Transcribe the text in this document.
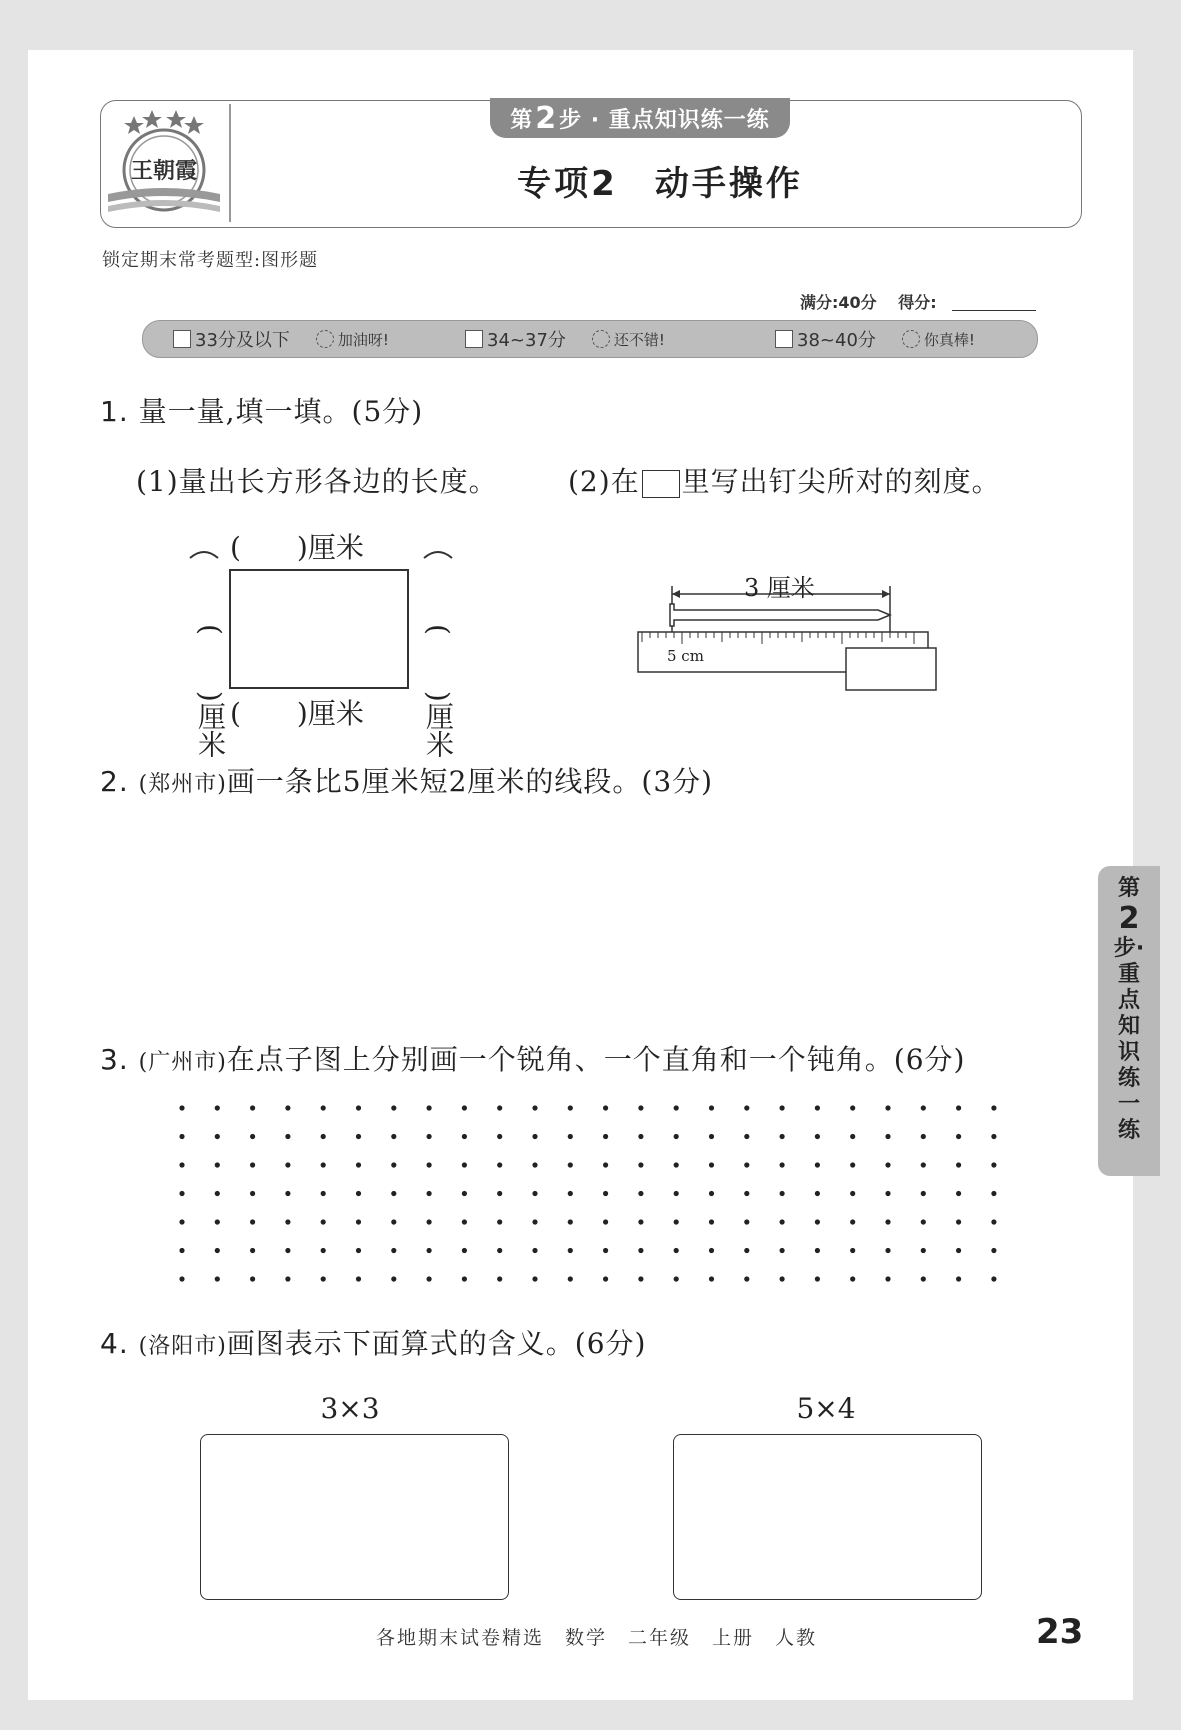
王朝霞
第 2 步 · 重点知识练一练
专项2　动手操作
锁定期末常考题型:图形题
满分:40分 得分:
33分及以下	加油呀!	34~37分	还不错!	38~40分	你真棒!
1. 量一量,填一填。(5分)
(1)量出长方形各边的长度。	(2)在 里写出钉尖所对的刻度。
(　　)厘米
(　　)厘米
(　　)厘米	(　　)厘米
3 厘米
5 cm
2. (郑州市)画一条比5厘米短2厘米的线段。(3分)
3. (广州市)在点子图上分别画一个锐角、一个直角和一个钝角。(6分)
4. (洛阳市)画图表示下面算式的含义。(6分)
3×3	5×4
第
2
步·
重
点
知
识
练
一
练
各地期末试卷精选　数学　二年级　上册　人教	23
